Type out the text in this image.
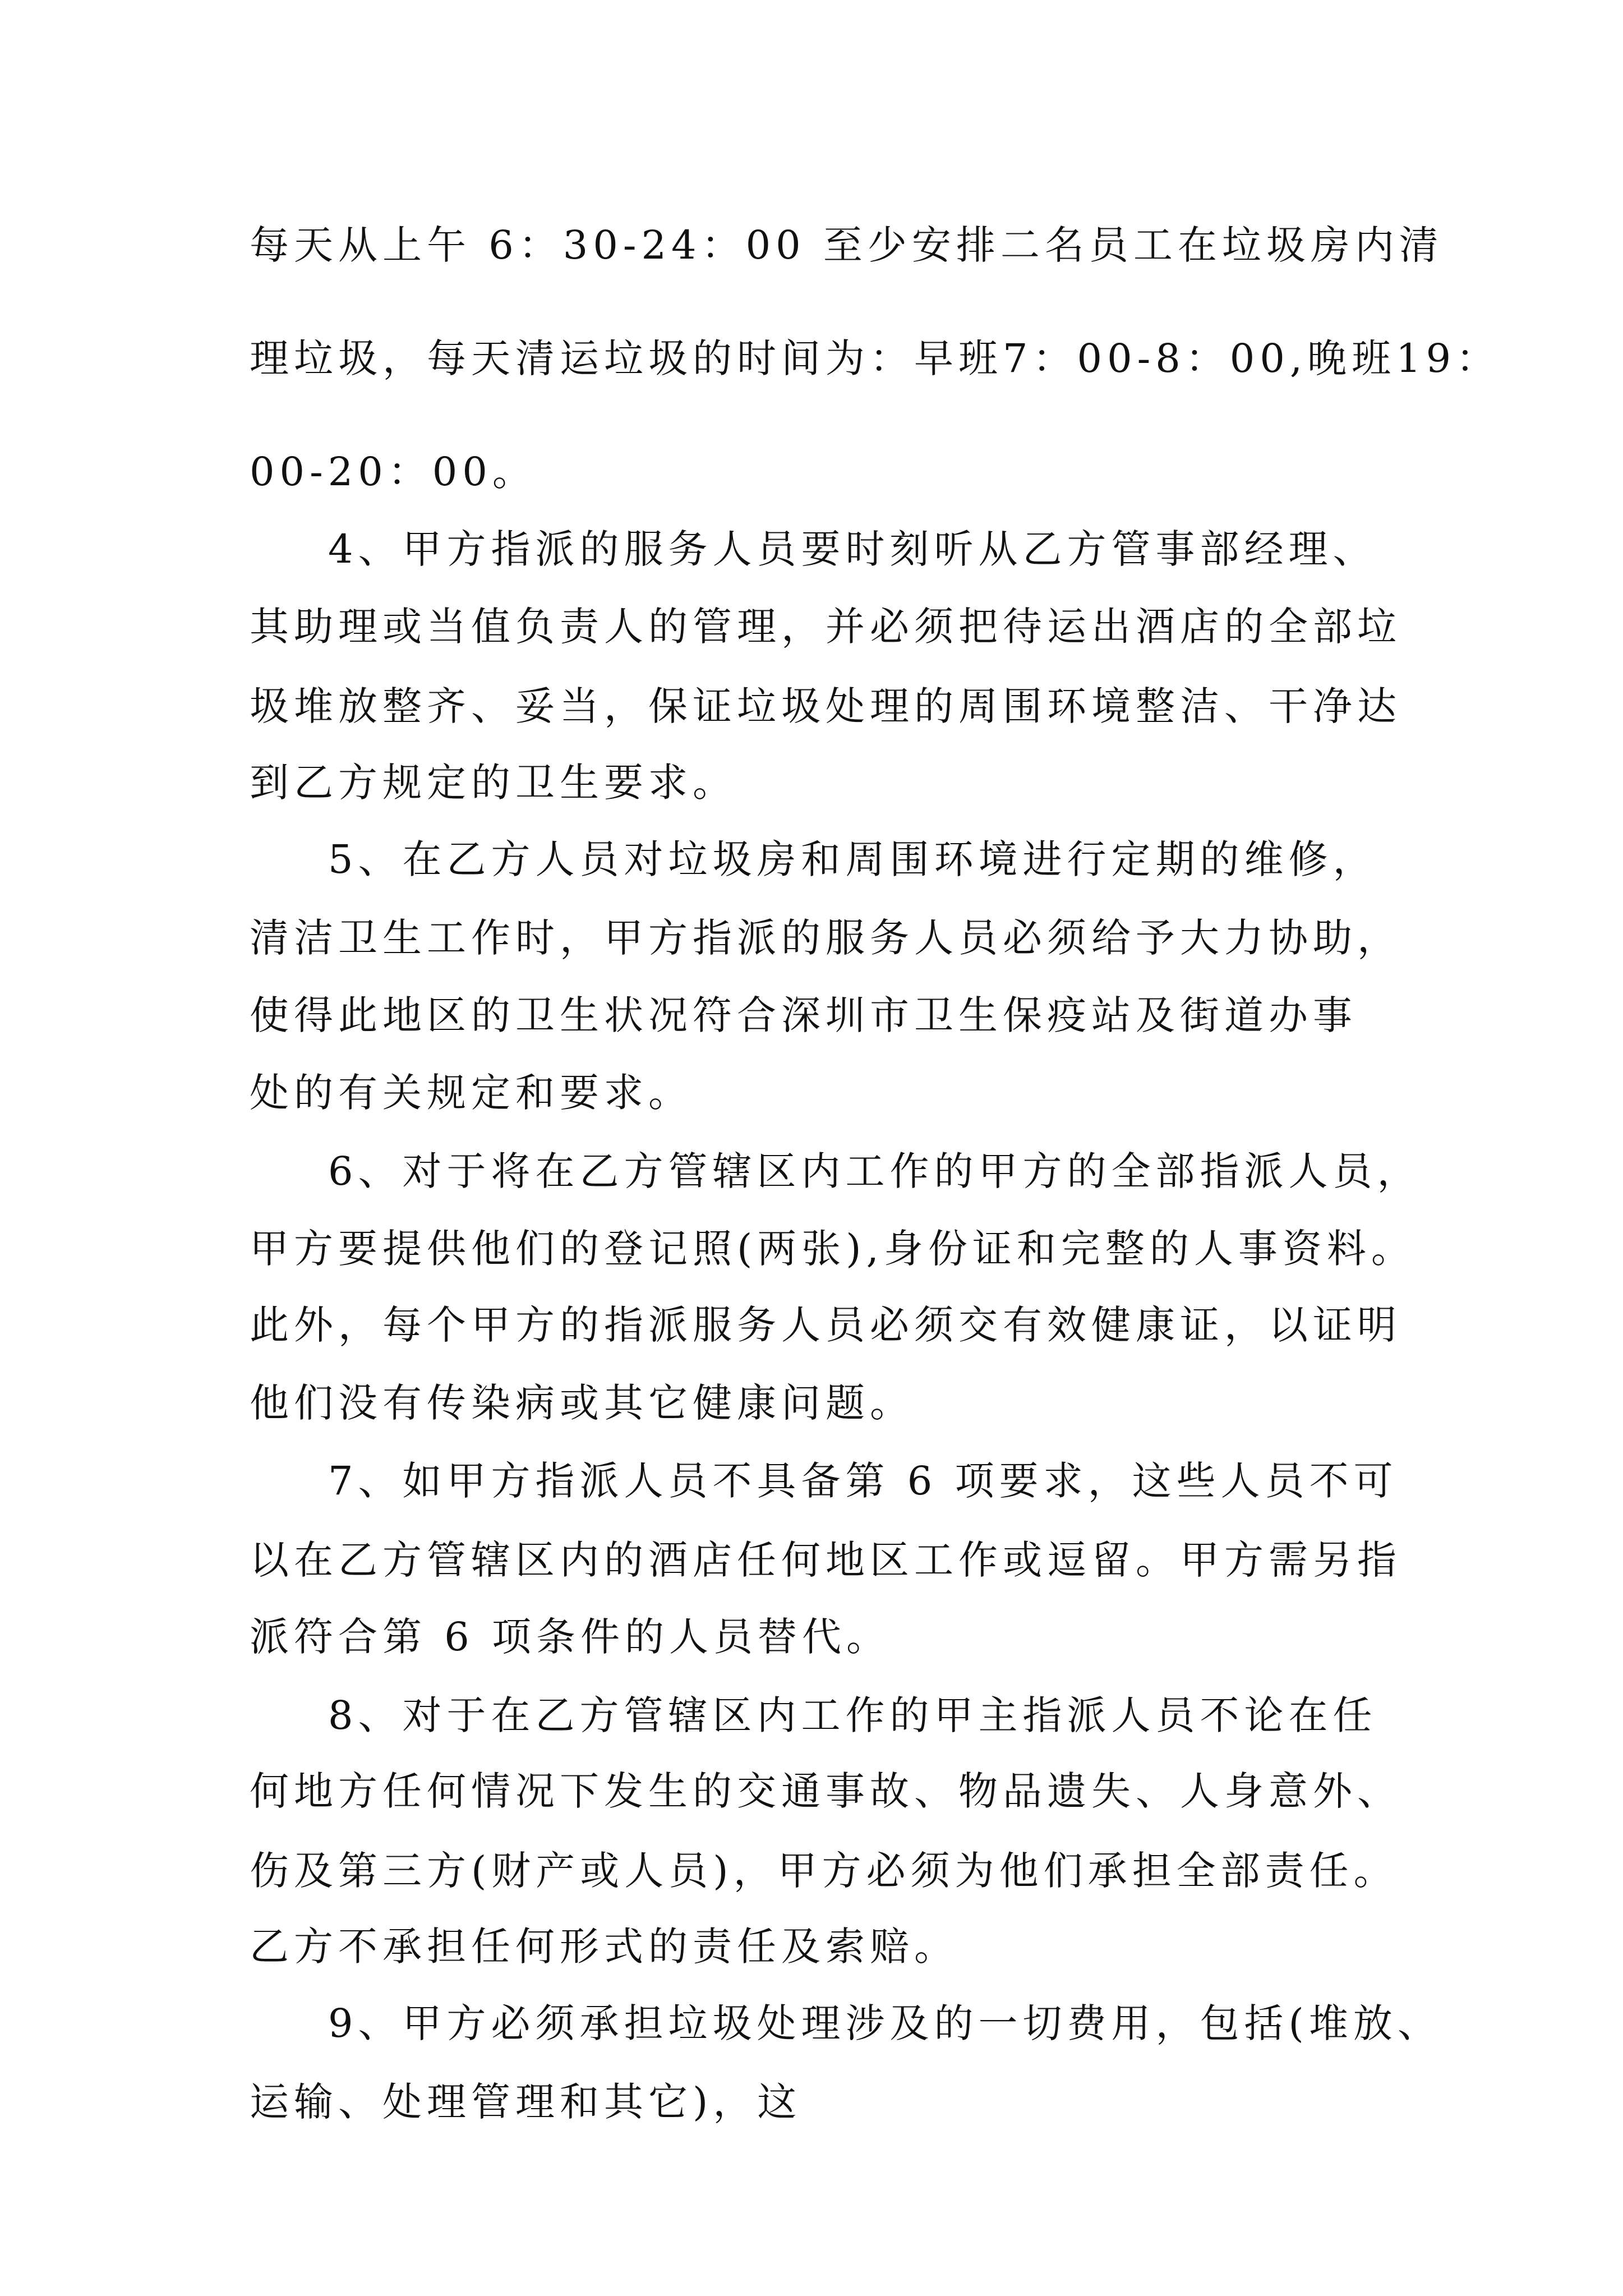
每天从上午 6：30-24：00 至少安排二名员工在垃圾房内清
理垃圾，每天清运垃圾的时间为：早班7：00-8：00,晚班19：
00-20：00。
4、甲方指派的服务人员要时刻听从乙方管事部经理、
其助理或当值负责人的管理，并必须把待运出酒店的全部垃
圾堆放整齐、妥当，保证垃圾处理的周围环境整洁、干净达
到乙方规定的卫生要求。
5、在乙方人员对垃圾房和周围环境进行定期的维修，
清洁卫生工作时，甲方指派的服务人员必须给予大力协助，
使得此地区的卫生状况符合深圳市卫生保疫站及街道办事
处的有关规定和要求。
6、对于将在乙方管辖区内工作的甲方的全部指派人员，
甲方要提供他们的登记照(两张),身份证和完整的人事资料。
此外，每个甲方的指派服务人员必须交有效健康证，以证明
他们没有传染病或其它健康问题。
7、如甲方指派人员不具备第 6 项要求，这些人员不可
以在乙方管辖区内的酒店任何地区工作或逗留。甲方需另指
派符合第 6 项条件的人员替代。
8、对于在乙方管辖区内工作的甲主指派人员不论在任
何地方任何情况下发生的交通事故、物品遗失、人身意外、
伤及第三方(财产或人员)，甲方必须为他们承担全部责任。
乙方不承担任何形式的责任及索赔。
9、甲方必须承担垃圾处理涉及的一切费用，包括(堆放、
运输、处理管理和其它)，这
